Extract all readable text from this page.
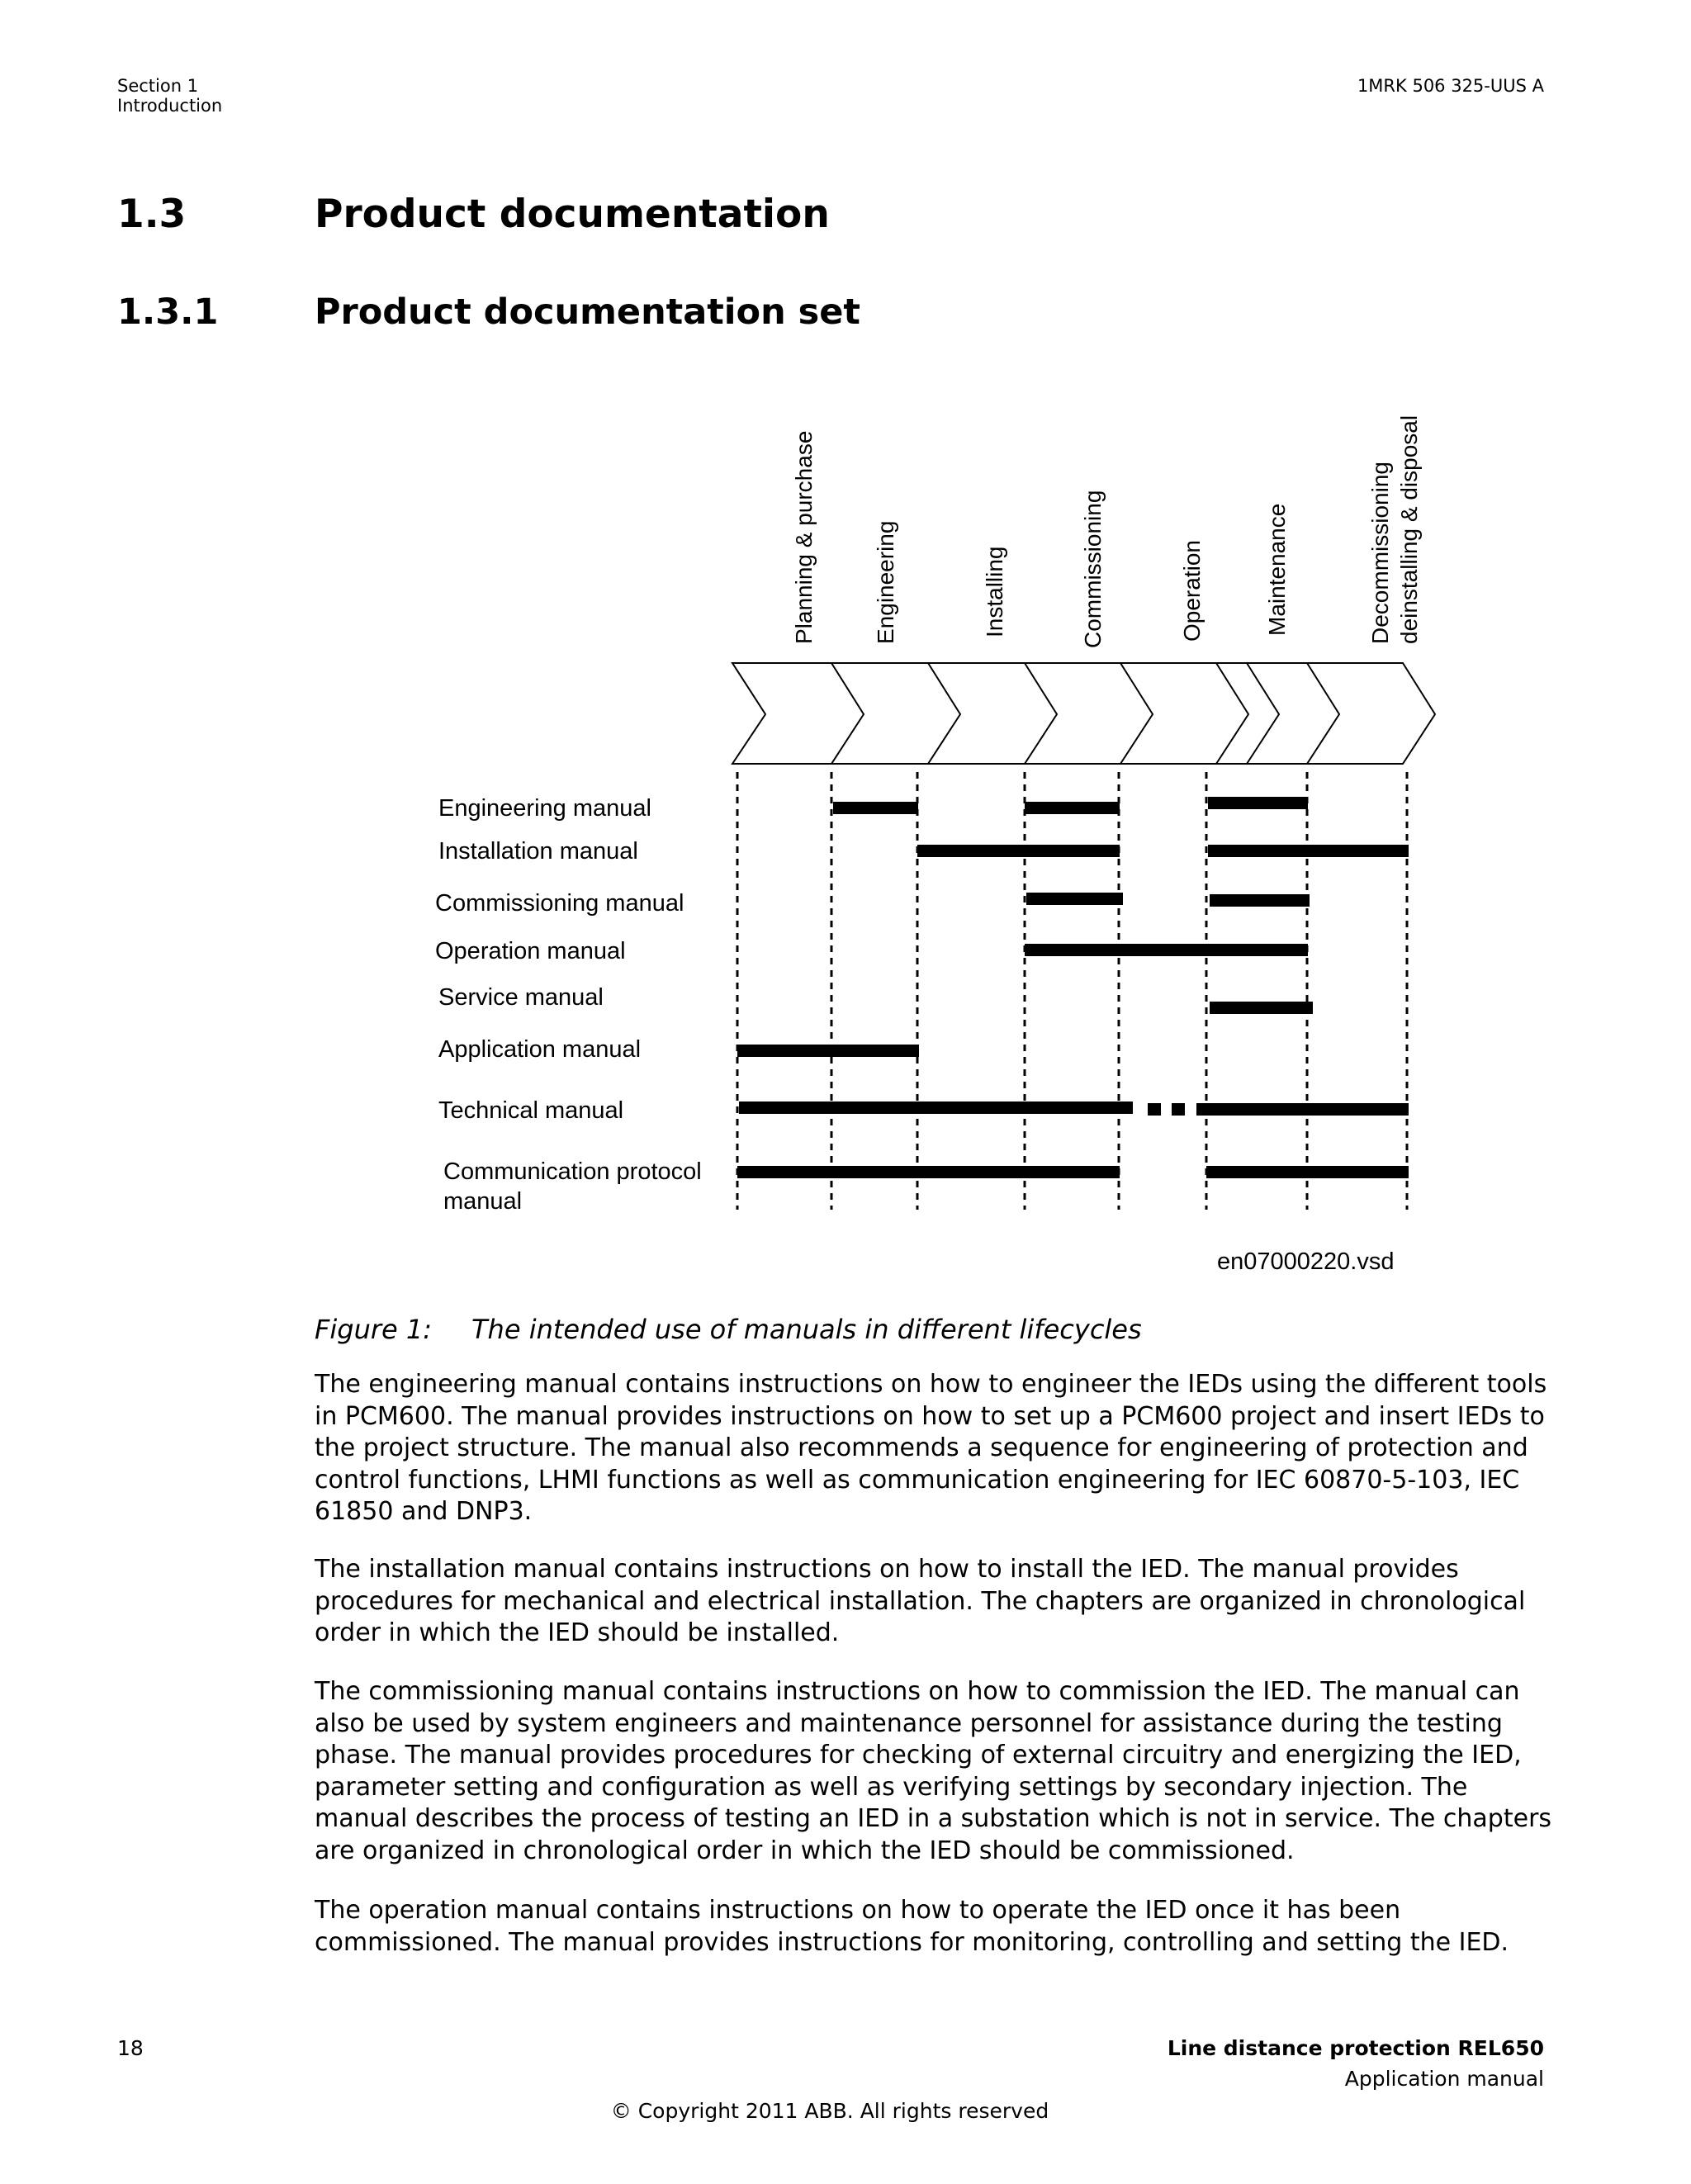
Section 1
Introduction
1MRK 506 325-UUS A
1.3	Product documentation
1.3.1	Product documentation set
Planning & purchase Engineering	Installing	Commissioning	Operation	Maintenance	Decommissioning deinstalling & disposal
Engineering manual
Installation manual
Commissioning manual
Operation manual
Service manual
Application manual
Technical manual
Communication protocol
manual
en07000220.vsd
Figure 1: The intended use of manuals in different lifecycles

The engineering manual contains instructions on how to engineer the IEDs using the different tools in PCM600. The manual provides instructions on how to set up a PCM600 project and insert IEDs to the project structure. The manual also recommends a sequence for engineering of protection and control functions, LHMI functions as well as communication engineering for IEC 60870-5-103, IEC 61850 and DNP3.

The installation manual contains instructions on how to install the IED. The manual provides procedures for mechanical and electrical installation. The chapters are organized in chronological order in which the IED should be installed.

The commissioning manual contains instructions on how to commission the IED. The manual can also be used by system engineers and maintenance personnel for assistance during the testing phase. The manual provides procedures for checking of external circuitry and energizing the IED, parameter setting and configuration as well as verifying settings by secondary injection. The manual describes the process of testing an IED in a substation which is not in service. The chapters are organized in chronological order in which the IED should be commissioned.

The operation manual contains instructions on how to operate the IED once it has been commissioned. The manual provides instructions for monitoring, controlling and setting the IED.

18	Line distance protection REL650
Application manual
© Copyright 2011 ABB. All rights reserved
